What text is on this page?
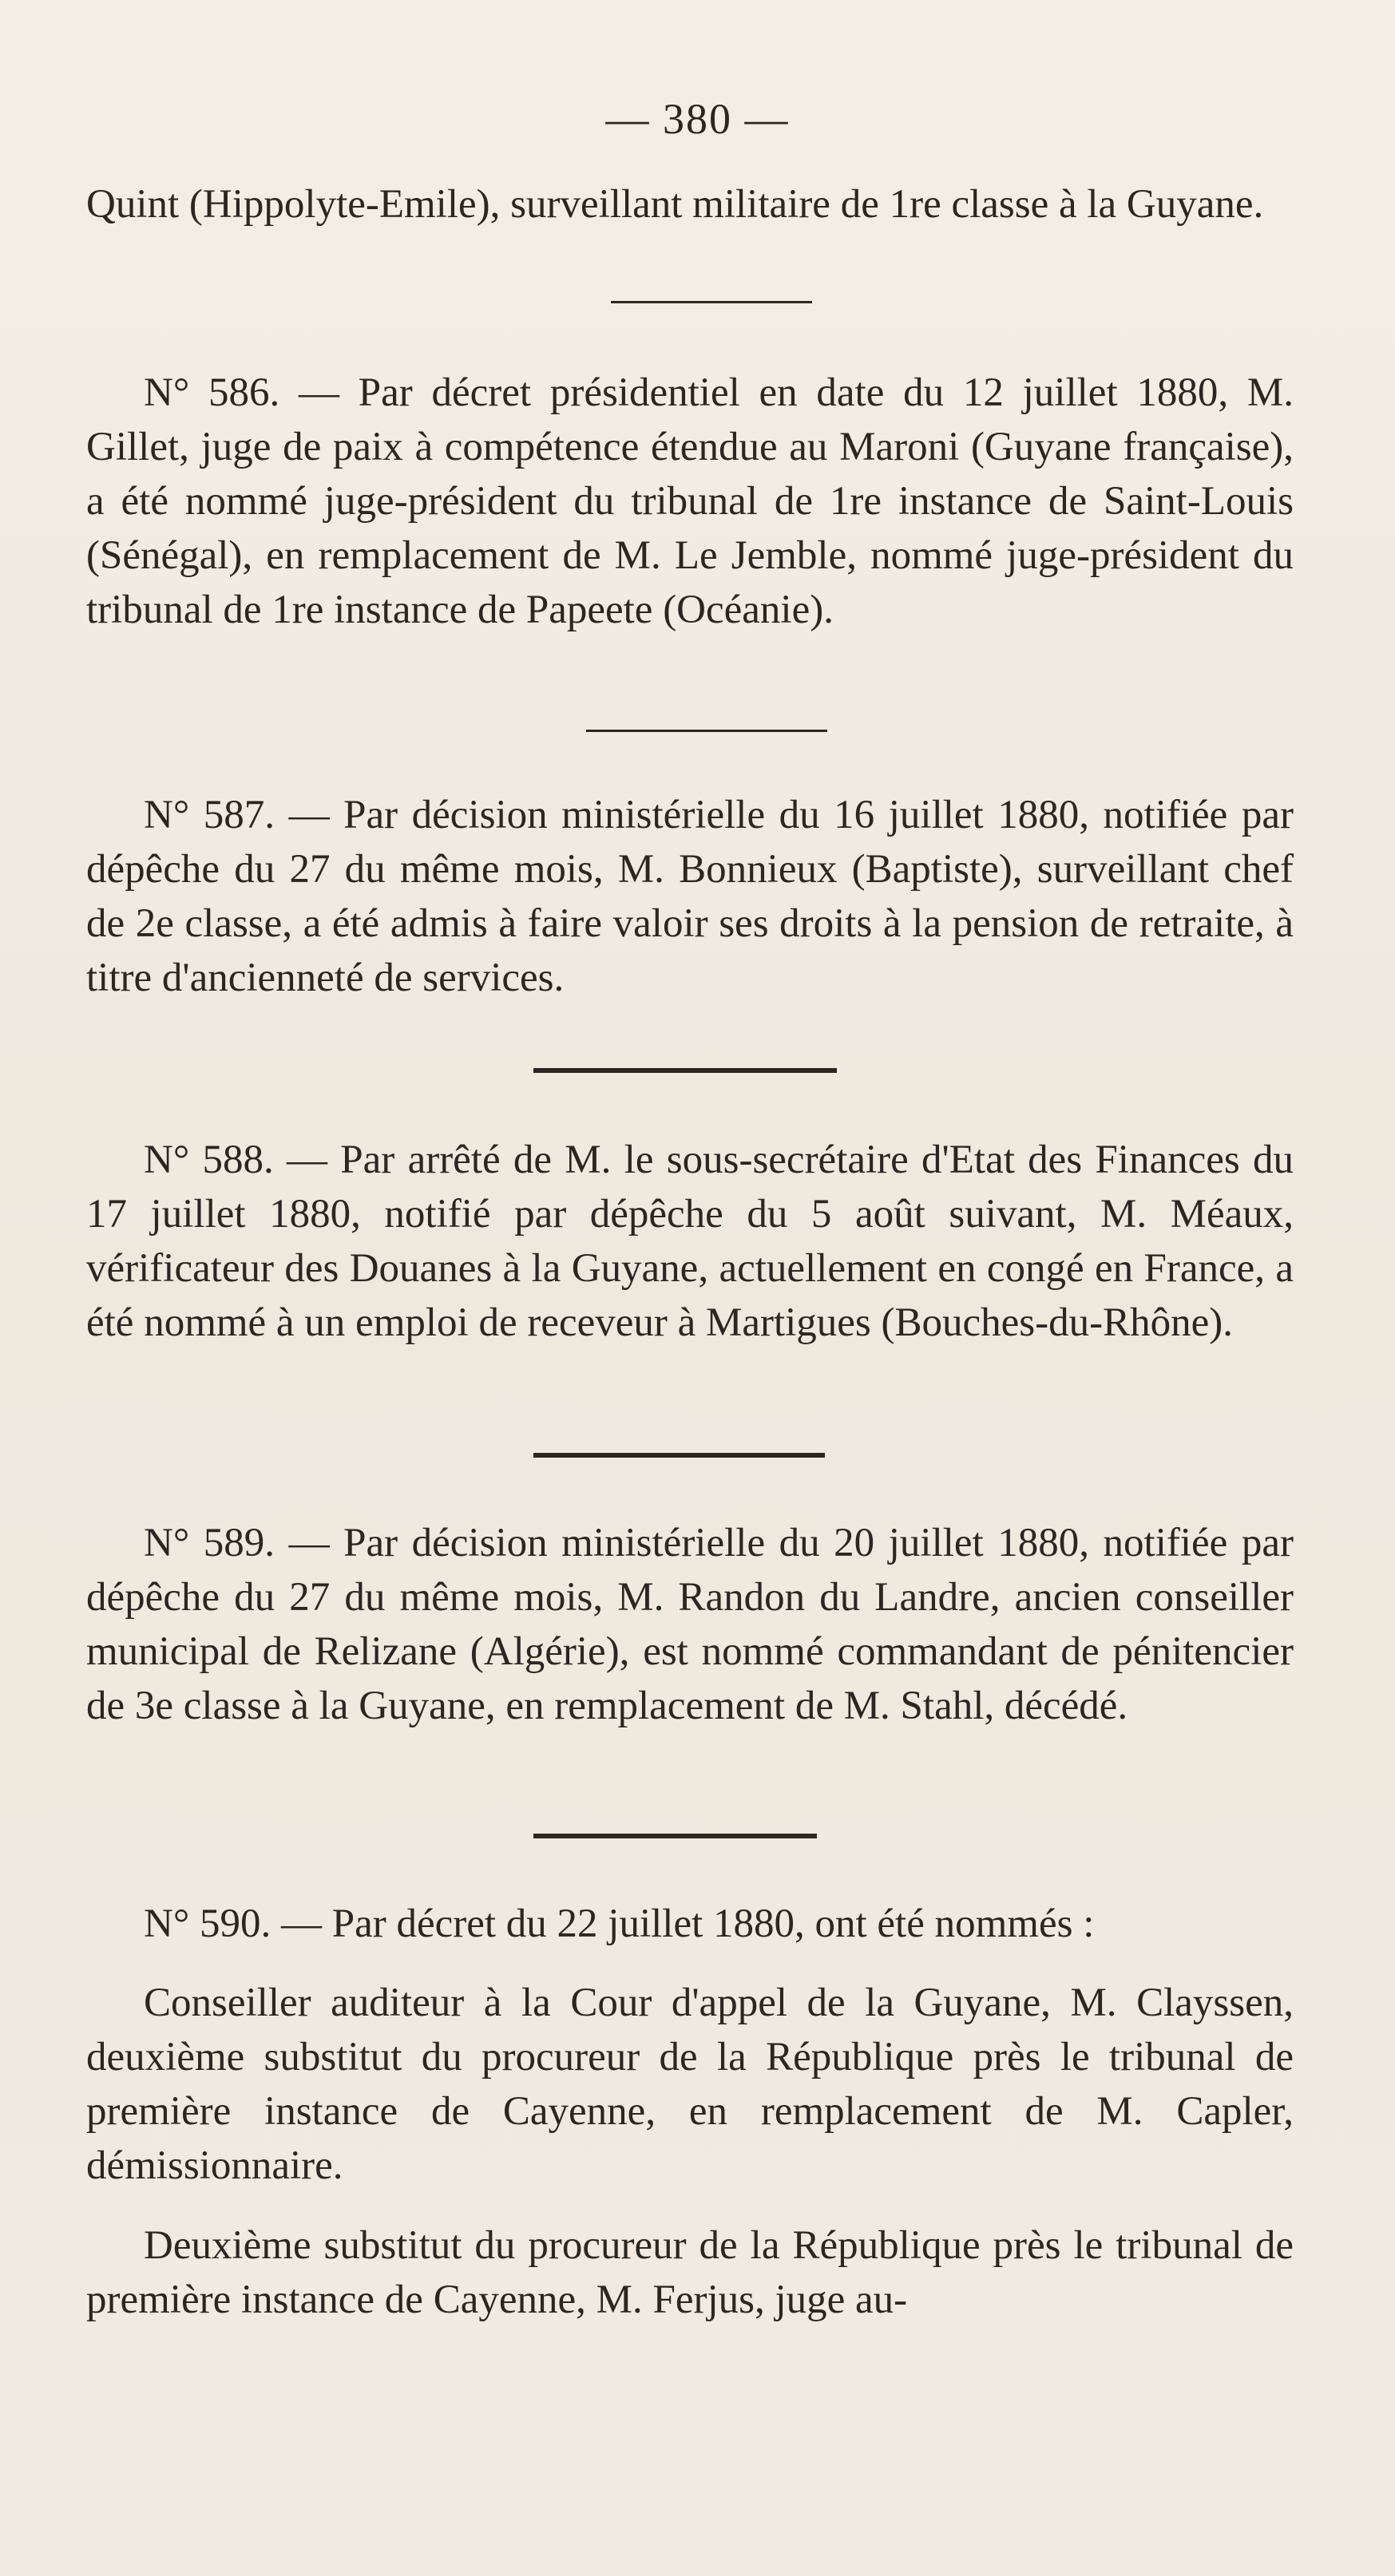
— 380 —

Quint (Hippolyte-Emile), surveillant militaire de 1re classe à la Guyane.

N° 586. — Par décret présidentiel en date du 12 juillet 1880, M. Gillet, juge de paix à compétence étendue au Maroni (Guyane française), a été nommé juge-président du tribunal de 1re instance de Saint-Louis (Sénégal), en remplacement de M. Le Jemble, nommé juge-président du tribunal de 1re instance de Papeete (Océanie).

N° 587. — Par décision ministérielle du 16 juillet 1880, notifiée par dépêche du 27 du même mois, M. Bonnieux (Baptiste), surveillant chef de 2e classe, a été admis à faire valoir ses droits à la pension de retraite, à titre d'ancienneté de services.

N° 588. — Par arrêté de M. le sous-secrétaire d'Etat des Finances du 17 juillet 1880, notifié par dépêche du 5 août suivant, M. Méaux, vérificateur des Douanes à la Guyane, actuellement en congé en France, a été nommé à un emploi de receveur à Martigues (Bouches-du-Rhône).

N° 589. — Par décision ministérielle du 20 juillet 1880, notifiée par dépêche du 27 du même mois, M. Randon du Landre, ancien conseiller municipal de Relizane (Algérie), est nommé commandant de pénitencier de 3e classe à la Guyane, en remplacement de M. Stahl, décédé.

N° 590. — Par décret du 22 juillet 1880, ont été nommés :

Conseiller auditeur à la Cour d'appel de la Guyane, M. Clayssen, deuxième substitut du procureur de la République près le tribunal de première instance de Cayenne, en remplacement de M. Capler, démissionnaire.

Deuxième substitut du procureur de la République près le tribunal de première instance de Cayenne, M. Ferjus, juge au-
